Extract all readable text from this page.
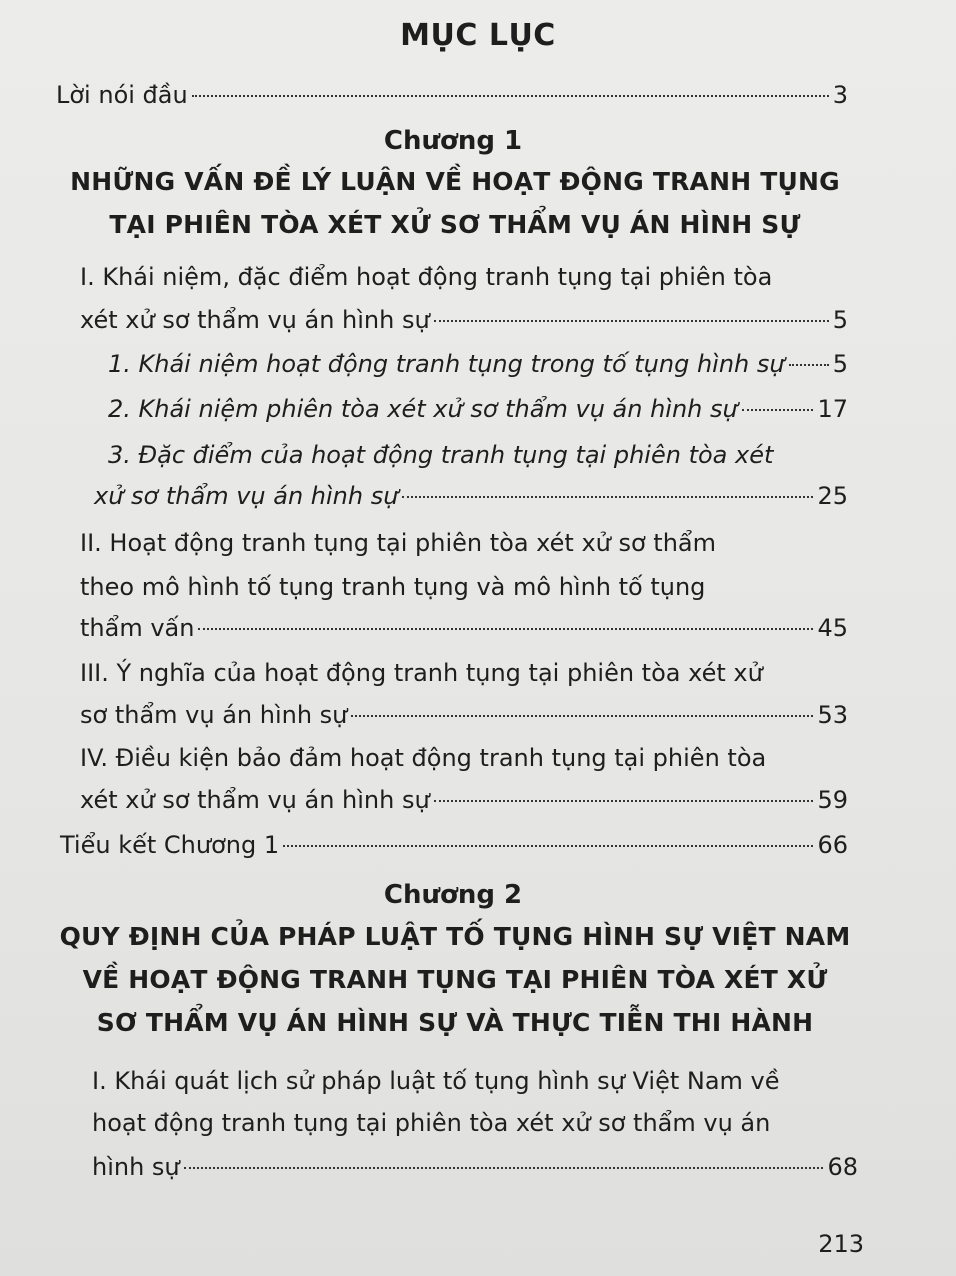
MỤC LỤC
Lời nói đầu	3
Chương 1
NHỮNG VẤN ĐỀ LÝ LUẬN VỀ HOẠT ĐỘNG TRANH TỤNG
TẠI PHIÊN TÒA XÉT XỬ SƠ THẨM VỤ ÁN HÌNH SỰ
I. Khái niệm, đặc điểm hoạt động tranh tụng tại phiên tòa
xét xử sơ thẩm vụ án hình sự	5
1. Khái niệm hoạt động tranh tụng trong tố tụng hình sự 5
2. Khái niệm phiên tòa xét xử sơ thẩm vụ án hình sự	17
3. Đặc điểm của hoạt động tranh tụng tại phiên tòa xét
xử sơ thẩm vụ án hình sự	25
II. Hoạt động tranh tụng tại phiên tòa xét xử sơ thẩm
theo mô hình tố tụng tranh tụng và mô hình tố tụng
thẩm vấn	45
III. Ý nghĩa của hoạt động tranh tụng tại phiên tòa xét xử
sơ thẩm vụ án hình sự	53
IV. Điều kiện bảo đảm hoạt động tranh tụng tại phiên tòa
xét xử sơ thẩm vụ án hình sự	59
Tiểu kết Chương 1	66
Chương 2
QUY ĐỊNH CỦA PHÁP LUẬT TỐ TỤNG HÌNH SỰ VIỆT NAM
VỀ HOẠT ĐỘNG TRANH TỤNG TẠI PHIÊN TÒA XÉT XỬ
SƠ THẨM VỤ ÁN HÌNH SỰ VÀ THỰC TIỄN THI HÀNH
I. Khái quát lịch sử pháp luật tố tụng hình sự Việt Nam về
hoạt động tranh tụng tại phiên tòa xét xử sơ thẩm vụ án
hình sự	68
213
